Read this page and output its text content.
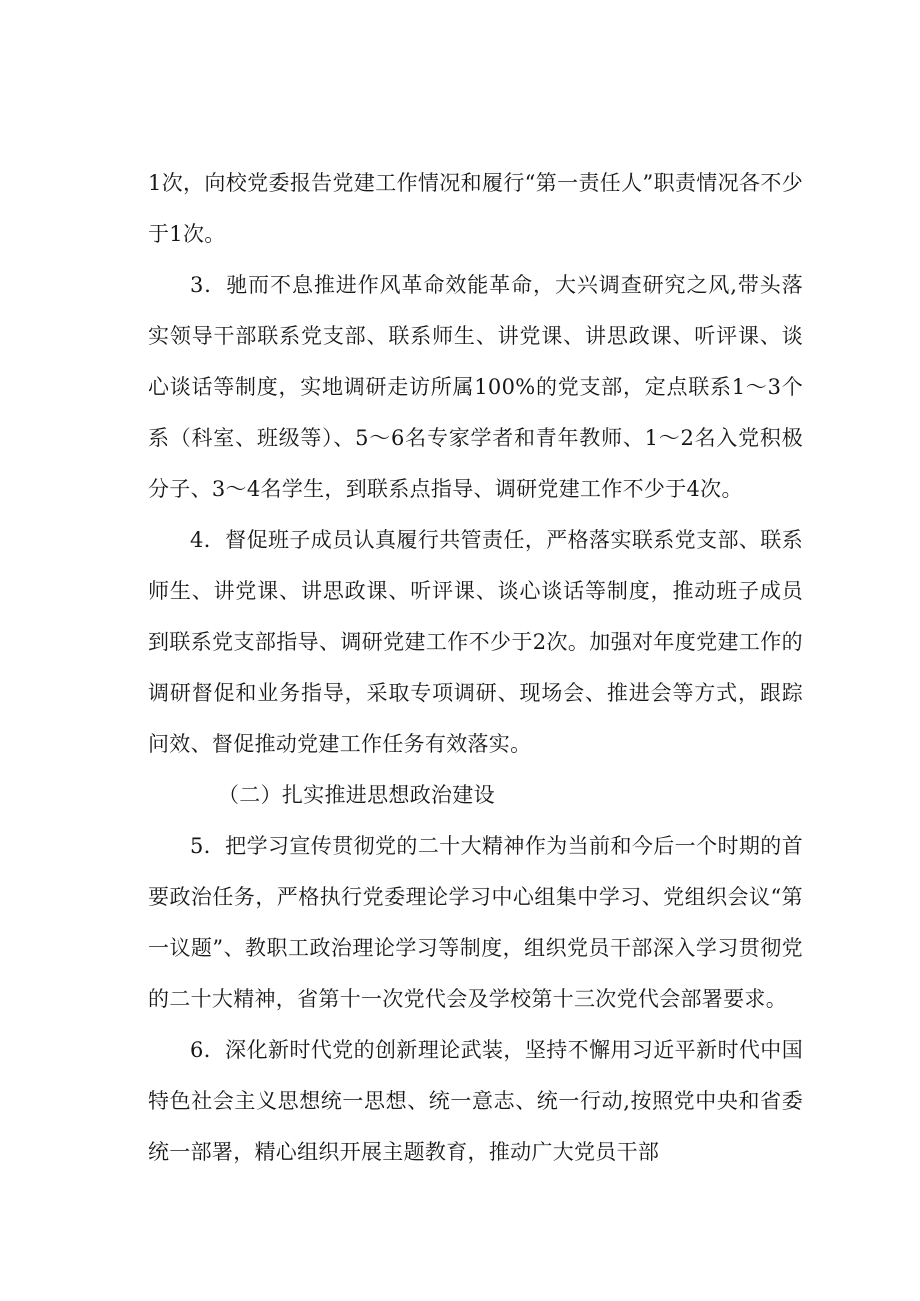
1次，向校党委报告党建工作情况和履行“第一责任人”职责情况各不少于1次。

3．驰而不息推进作风革命效能革命，大兴调查研究之风,带头落实领导干部联系党支部、联系师生、讲党课、讲思政课、听评课、谈心谈话等制度，实地调研走访所属100%的党支部，定点联系1～3个系（科室、班级等）、5～6名专家学者和青年教师、1～2名入党积极分子、3～4名学生，到联系点指导、调研党建工作不少于4次。

4．督促班子成员认真履行共管责任，严格落实联系党支部、联系师生、讲党课、讲思政课、听评课、谈心谈话等制度，推动班子成员到联系党支部指导、调研党建工作不少于2次。加强对年度党建工作的调研督促和业务指导，采取专项调研、现场会、推进会等方式，跟踪问效、督促推动党建工作任务有效落实。

（二）扎实推进思想政治建设

5．把学习宣传贯彻党的二十大精神作为当前和今后一个时期的首要政治任务，严格执行党委理论学习中心组集中学习、党组织会议“第一议题”、教职工政治理论学习等制度，组织党员干部深入学习贯彻党的二十大精神，省第十一次党代会及学校第十三次党代会部署要求。

6．深化新时代党的创新理论武装，坚持不懈用习近平新时代中国特色社会主义思想统一思想、统一意志、统一行动,按照党中央和省委统一部署，精心组织开展主题教育，推动广大党员干部
